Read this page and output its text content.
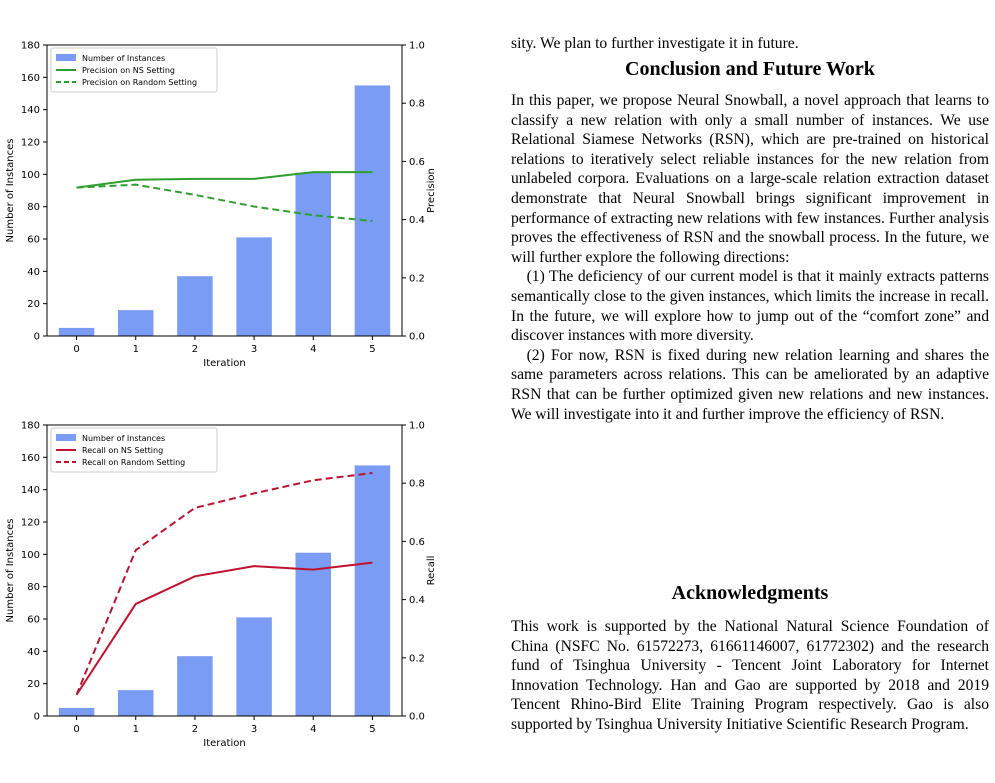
0
20
40
60
80
100
120
140
160
180
0.0
0.2
0.4
0.6
0.8
1.0
0	1	2	3	4	5
Iteration
Number of Instances	Precision
Number of Instances
Precision on NS Setting
Precision on Random Setting
0
20
40
60
80
100
120
140
160
180
0.0
0.2
0.4
0.6
0.8
1.0
0	1	2	3	4	5
Iteration
Number of Instances	Recall
Number of Instances
Recall on NS Setting
Recall on Random Setting

sity. We plan to further investigate it in future.

Conclusion and Future Work

In this paper, we propose Neural Snowball, a novel approach that learns to classify a new relation with only a small number of instances. We use Relational Siamese Networks (RSN), which are pre-trained on historical relations to iteratively select reliable instances for the new relation from unlabeled corpora. Evaluations on a large-scale relation extraction dataset demonstrate that Neural Snowball brings significant improvement in performance of extracting new relations with few instances. Further analysis proves the effectiveness of RSN and the snowball process. In the future, we will further explore the following directions:

(1) The deficiency of our current model is that it mainly extracts patterns semantically close to the given instances, which limits the increase in recall. In the future, we will explore how to jump out of the “comfort zone” and discover instances with more diversity.

(2) For now, RSN is fixed during new relation learning and shares the same parameters across relations. This can be ameliorated by an adaptive RSN that can be further optimized given new relations and new instances. We will investigate into it and further improve the efficiency of RSN.

Acknowledgments

This work is supported by the National Natural Science Foundation of China (NSFC No. 61572273, 61661146007, 61772302) and the research fund of Tsinghua University - Tencent Joint Laboratory for Internet Innovation Technology. Han and Gao are supported by 2018 and 2019 Tencent Rhino-Bird Elite Training Program respectively. Gao is also supported by Tsinghua University Initiative Scientific Research Program.
